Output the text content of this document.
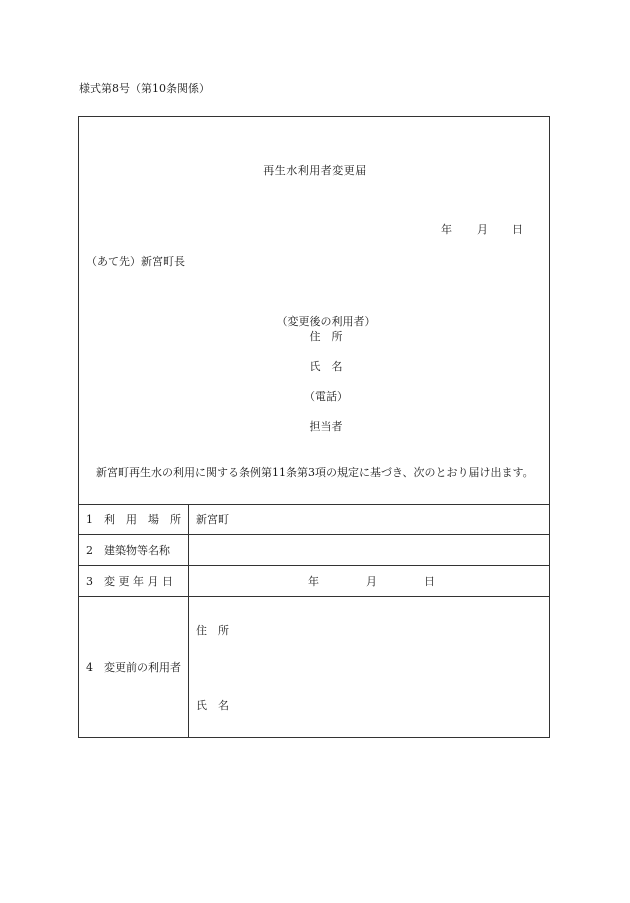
様式第8号（第10条関係）
再生水利用者変更届
年 月 日
（あて先）新宮町長
（変更後の利用者）
住　所
氏　名
（電話）
担当者
新宮町再生水の利用に関する条例第11条第3項の規定に基づき、次のとおり届け出ます。
1　利　用　場　所 新宮町
2　建築物等名称
3　変 更 年 月 日	年	月	日
4　変更前の利用者
住　所
氏　名
